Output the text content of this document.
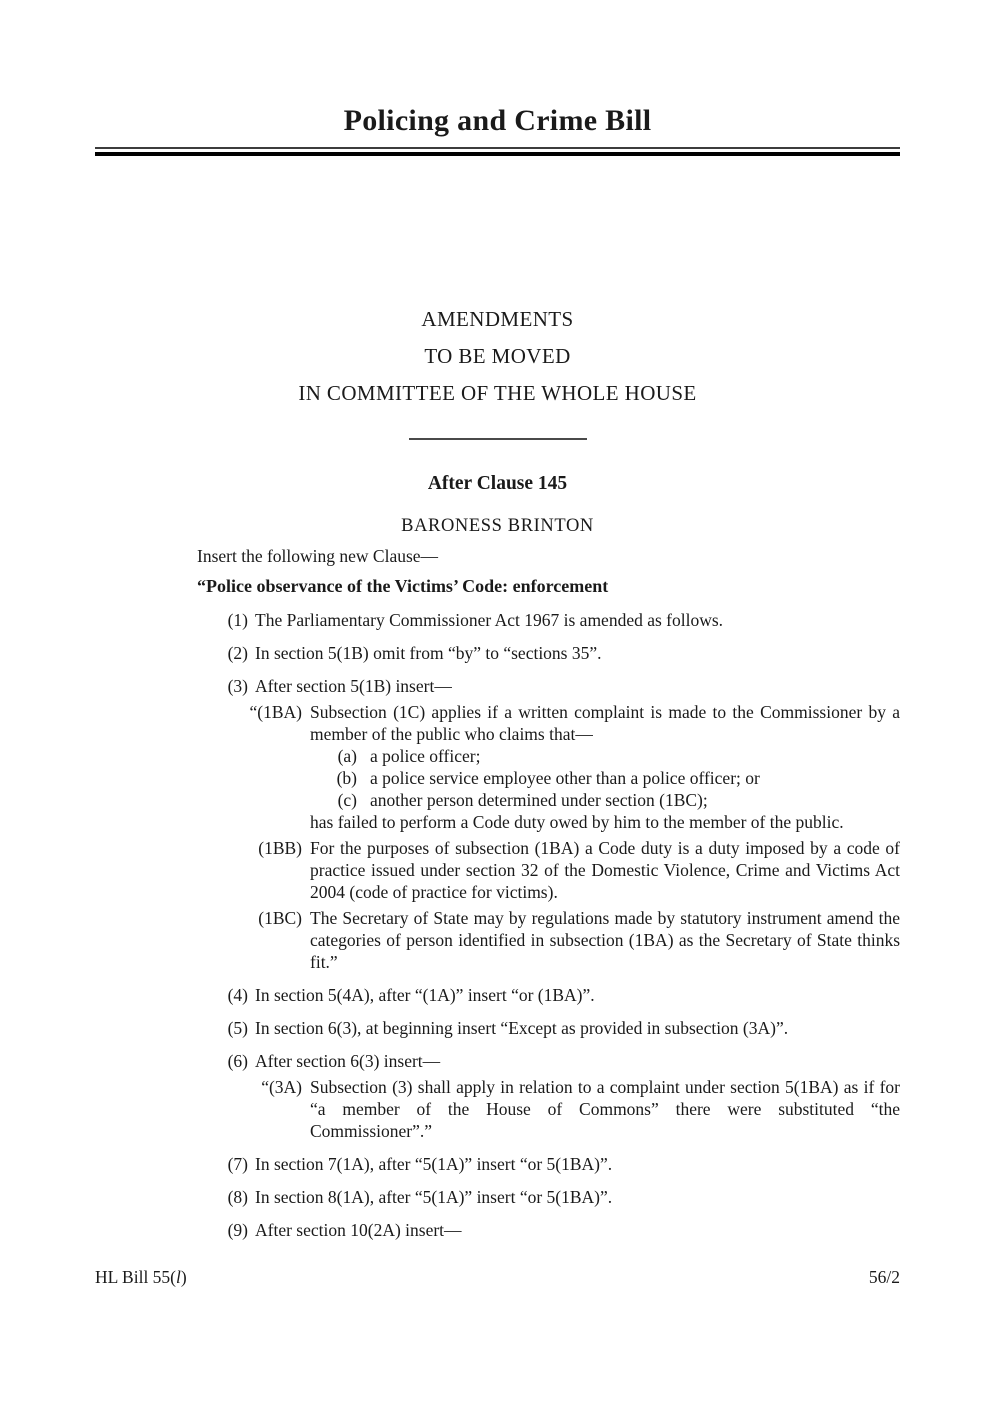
Policing and Crime Bill
AMENDMENTS
TO BE MOVED
IN COMMITTEE OF THE WHOLE HOUSE
After Clause 145
BARONESS BRINTON
Insert the following new Clause—
“Police observance of the Victims’ Code: enforcement
(1) The Parliamentary Commissioner Act 1967 is amended as follows.
(2) In section 5(1B) omit from “by” to “sections 35”.
(3) After section 5(1B) insert—
“(1BA) Subsection (1C) applies if a written complaint is made to the Commissioner by a member of the public who claims that—
(a) a police officer;
(b) a police service employee other than a police officer; or
(c) another person determined under section (1BC);
has failed to perform a Code duty owed by him to the member of the public.
(1BB) For the purposes of subsection (1BA) a Code duty is a duty imposed by a code of practice issued under section 32 of the Domestic Violence, Crime and Victims Act 2004 (code of practice for victims).
(1BC) The Secretary of State may by regulations made by statutory instrument amend the categories of person identified in subsection (1BA) as the Secretary of State thinks fit.”
(4) In section 5(4A), after “(1A)” insert “or (1BA)”.
(5) In section 6(3), at beginning insert “Except as provided in subsection (3A)”.
(6) After section 6(3) insert—
“(3A) Subsection (3) shall apply in relation to a complaint under section 5(1BA) as if for “a member of the House of Commons” there were substituted “the Commissioner”.”
(7) In section 7(1A), after “5(1A)” insert “or 5(1BA)”.
(8) In section 8(1A), after “5(1A)” insert “or 5(1BA)”.
(9) After section 10(2A) insert—
HL Bill 55(l)	56/2
